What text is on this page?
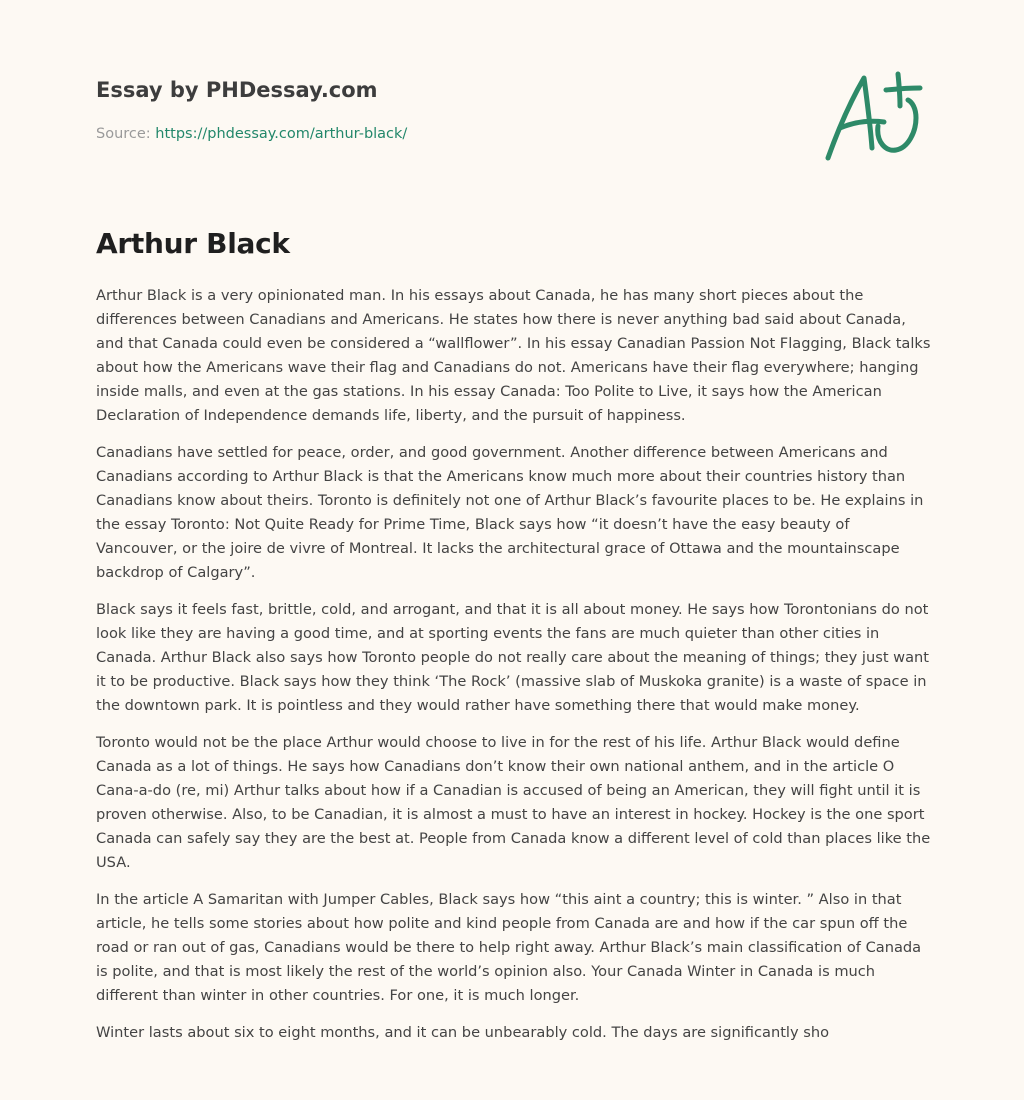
Essay by PHDessay.com
Source: https://phdessay.com/arthur-black/
Arthur Black

Arthur Black is a very opinionated man. In his essays about Canada, he has many short pieces about the differences between Canadians and Americans. He states how there is never anything bad said about Canada, and that Canada could even be considered a “wallflower”. In his essay Canadian Passion Not Flagging, Black talks about how the Americans wave their flag and Canadians do not. Americans have their flag everywhere; hanging inside malls, and even at the gas stations. In his essay Canada: Too Polite to Live, it says how the American Declaration of Independence demands life, liberty, and the pursuit of happiness.

Canadians have settled for peace, order, and good government. Another difference between Americans and Canadians according to Arthur Black is that the Americans know much more about their countries history than Canadians know about theirs. Toronto is definitely not one of Arthur Black’s favourite places to be. He explains in the essay Toronto: Not Quite Ready for Prime Time, Black says how “it doesn’t have the easy beauty of Vancouver, or the joire de vivre of Montreal. It lacks the architectural grace of Ottawa and the mountainscape backdrop of Calgary”.

Black says it feels fast, brittle, cold, and arrogant, and that it is all about money. He says how Torontonians do not look like they are having a good time, and at sporting events the fans are much quieter than other cities in Canada. Arthur Black also says how Toronto people do not really care about the meaning of things; they just want it to be productive. Black says how they think ‘The Rock’ (massive slab of Muskoka granite) is a waste of space in the downtown park. It is pointless and they would rather have something there that would make money.

Toronto would not be the place Arthur would choose to live in for the rest of his life. Arthur Black would define Canada as a lot of things. He says how Canadians don’t know their own national anthem, and in the article O Cana-a-do (re, mi) Arthur talks about how if a Canadian is accused of being an American, they will fight until it is proven otherwise. Also, to be Canadian, it is almost a must to have an interest in hockey. Hockey is the one sport Canada can safely say they are the best at. People from Canada know a different level of cold than places like the USA.

In the article A Samaritan with Jumper Cables, Black says how “this aint a country; this is winter. ” Also in that article, he tells some stories about how polite and kind people from Canada are and how if the car spun off the road or ran out of gas, Canadians would be there to help right away. Arthur Black’s main classification of Canada is polite, and that is most likely the rest of the world’s opinion also. Your Canada Winter in Canada is much different than winter in other countries. For one, it is much longer.

Winter lasts about six to eight months, and it can be unbearably cold. The days are significantly sho
